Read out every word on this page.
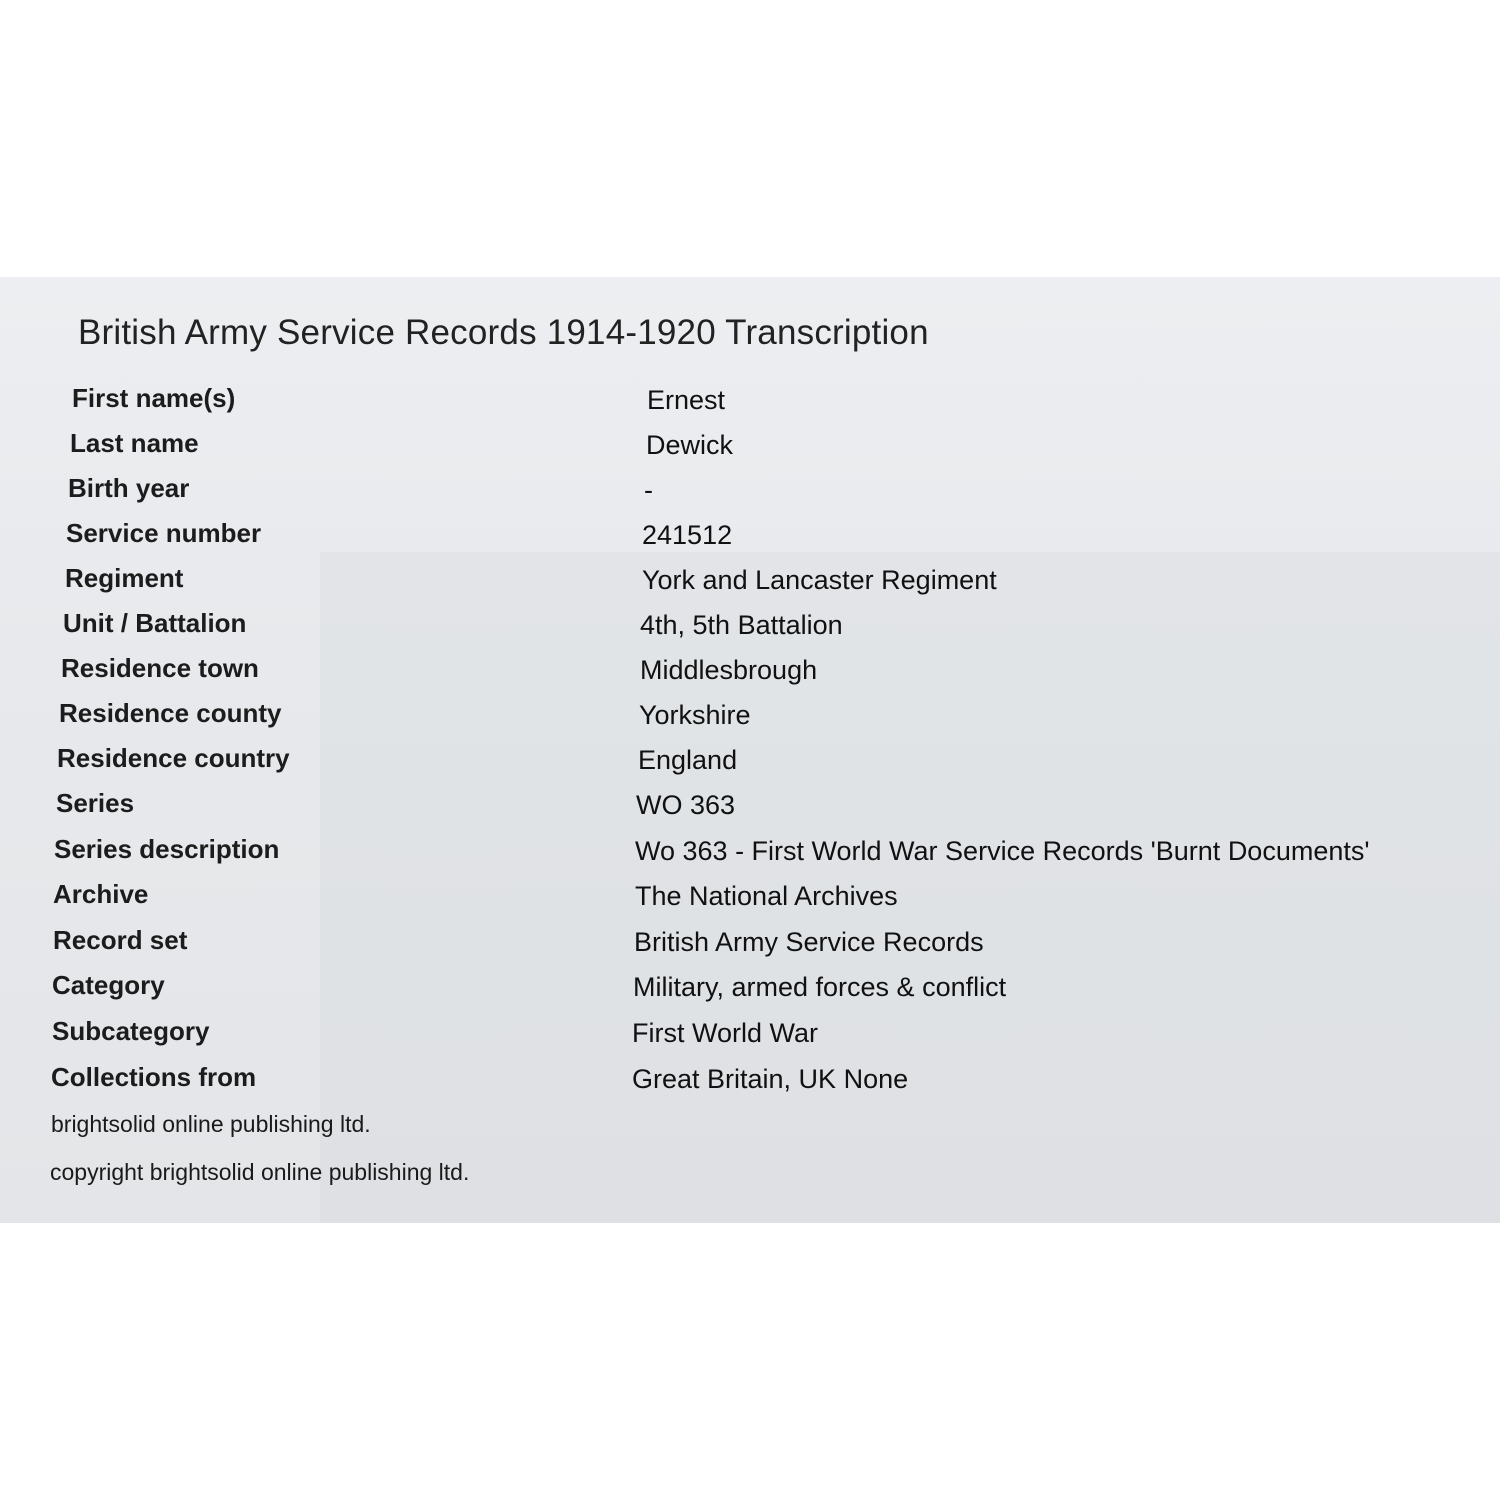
British Army Service Records 1914-1920 Transcription
First name(s)	Ernest
Last name	Dewick
Birth year	-
Service number	241512
Regiment	York and Lancaster Regiment
Unit / Battalion	4th, 5th Battalion
Residence town	Middlesbrough
Residence county	Yorkshire
Residence country	England
Series	WO 363
Series description	Wo 363 - First World War Service Records 'Burnt Documents'
Archive	The National Archives
Record set	British Army Service Records
Category	Military, armed forces & conflict
Subcategory	First World War
Collections from	Great Britain, UK None
brightsolid online publishing ltd.
copyright brightsolid online publishing ltd.
